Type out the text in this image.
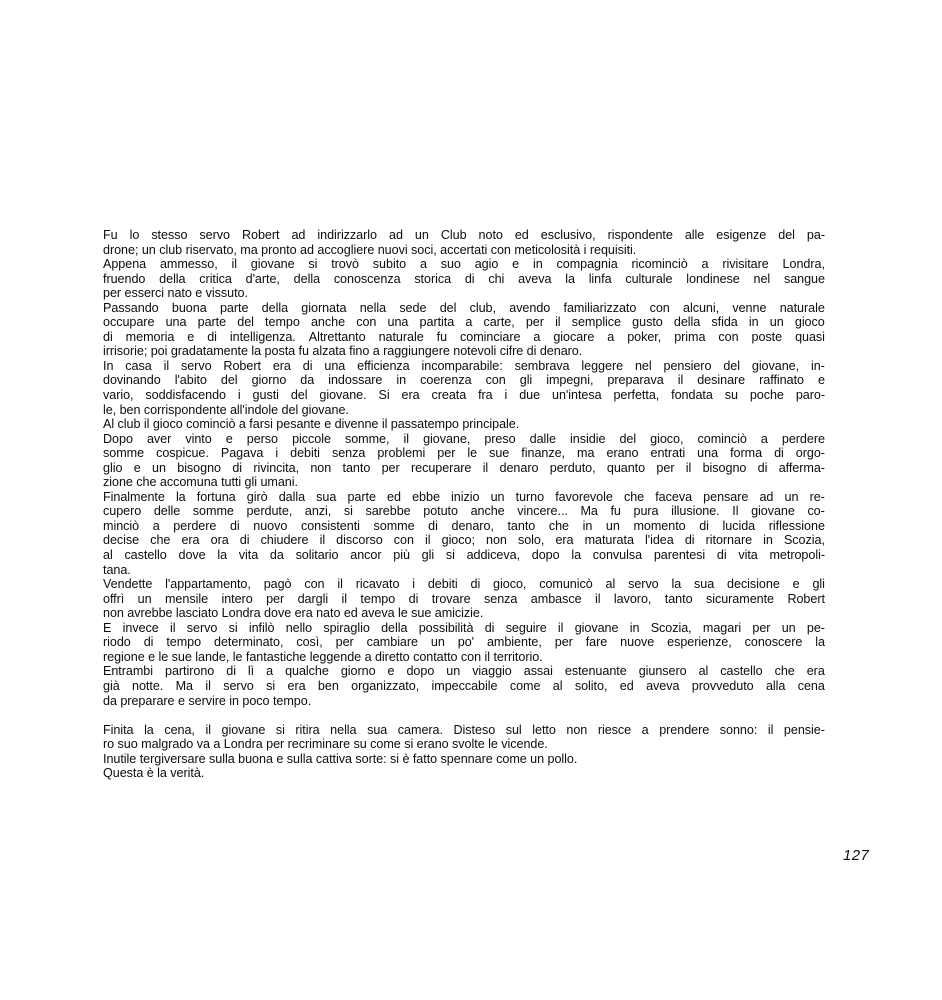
Fu lo stesso servo Robert ad indirizzarlo ad un Club noto ed esclusivo, rispondente alle esigenze del pa-
drone; un club riservato, ma pronto ad accogliere nuovi soci, accertati con meticolosità i requisiti.
Appena ammesso, il giovane si trovò subito a suo agio e in compagnia ricominciò a rivisitare Londra,
fruendo della critica d'arte, della conoscenza storica di chi aveva la linfa culturale londinese nel sangue
per esserci nato e vissuto.
Passando buona parte della giornata nella sede del club, avendo familiarizzato con alcuni, venne naturale
occupare una parte del tempo anche con una partita a carte, per il semplice gusto della sfida in un gioco
di memoria e di intelligenza. Altrettanto naturale fu cominciare a giocare a poker, prima con poste quasi
irrisorie; poi gradatamente la posta fu alzata fino a raggiungere notevoli cifre di denaro.
In casa il servo Robert era di una efficienza incomparabile: sembrava leggere nel pensiero del giovane, in-
dovinando l'abito del giorno da indossare in coerenza con gli impegni, preparava il desinare raffinato e
vario, soddisfacendo i gusti del giovane. Si era creata fra i due un'intesa perfetta, fondata su poche paro-
le, ben corrispondente all'indole del giovane.
Al club il gioco cominciò a farsi pesante e divenne il passatempo principale.
Dopo aver vinto e perso piccole somme, il giovane, preso dalle insidie del gioco, cominciò a perdere
somme cospicue. Pagava i debiti senza problemi per le sue finanze, ma erano entrati una forma di orgo-
glio e un bisogno di rivincita, non tanto per recuperare il denaro perduto, quanto per il bisogno di afferma-
zione che accomuna tutti gli umani.
Finalmente la fortuna girò dalla sua parte ed ebbe inizio un turno favorevole che faceva pensare ad un re-
cupero delle somme perdute, anzi, si sarebbe potuto anche vincere... Ma fu pura illusione. Il giovane co-
minciò a perdere di nuovo consistenti somme di denaro, tanto che in un momento di lucida riflessione
decise che era ora di chiudere il discorso con il gioco; non solo, era maturata l'idea di ritornare in Scozia,
al castello dove la vita da solitario ancor più gli si addiceva, dopo la convulsa parentesi di vita metropoli-
tana.
Vendette l'appartamento, pagò con il ricavato i debiti di gioco, comunicò al servo la sua decisione e gli
offrì un mensile intero per dargli il tempo di trovare senza ambasce il lavoro, tanto sicuramente Robert
non avrebbe lasciato Londra dove era nato ed aveva le sue amicizie.
E invece il servo si infilò nello spiraglio della possibilità di seguire il giovane in Scozia, magari per un pe-
riodo di tempo determinato, così, per cambiare un po' ambiente, per fare nuove esperienze, conoscere la
regione e le sue lande, le fantastiche leggende a diretto contatto con il territorio.
Entrambi partirono di lì a qualche giorno e dopo un viaggio assai estenuante giunsero al castello che era
già notte. Ma il servo si era ben organizzato, impeccabile come al solito, ed aveva provveduto alla cena
da preparare e servire in poco tempo.
Finita la cena, il giovane si ritira nella sua camera. Disteso sul letto non riesce a prendere sonno: il pensie-
ro suo malgrado va a Londra per recriminare su come si erano svolte le vicende.
Inutile tergiversare sulla buona e sulla cattiva sorte: si è fatto spennare come un pollo.
Questa è la verità.
127
